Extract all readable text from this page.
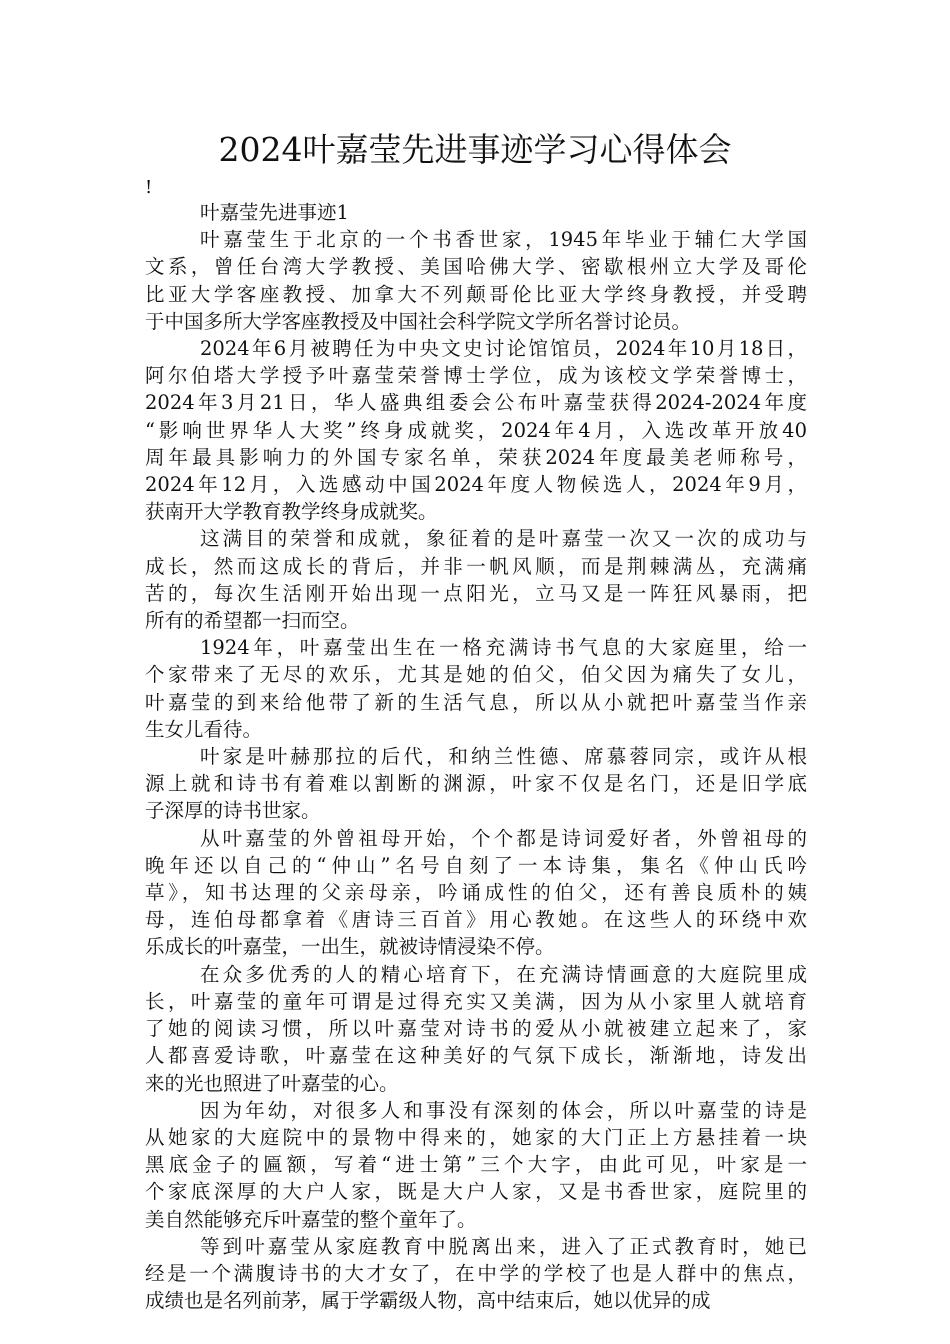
2024叶嘉莹先进事迹学习心得体会
!
叶嘉莹先进事迹1
叶嘉莹生于北京的一个书香世家，1945年毕业于辅仁大学国
文系，曾任台湾大学教授、美国哈佛大学、密歇根州立大学及哥伦
比亚大学客座教授、加拿大不列颠哥伦比亚大学终身教授，并受聘
于中国多所大学客座教授及中国社会科学院文学所名誉讨论员。
2024年6月被聘任为中央文史讨论馆馆员，2024年10月18日，
阿尔伯塔大学授予叶嘉莹荣誉博士学位，成为该校文学荣誉博士，
2024年3月21日，华人盛典组委会公布叶嘉莹获得2024-2024年度
“影响世界华人大奖”终身成就奖，2024年4月，入选改革开放40
周年最具影响力的外国专家名单，荣获2024年度最美老师称号，
2024年12月，入选感动中国2024年度人物候选人，2024年9月，
获南开大学教育教学终身成就奖。
这满目的荣誉和成就，象征着的是叶嘉莹一次又一次的成功与
成长，然而这成长的背后，并非一帆风顺，而是荆棘满丛，充满痛
苦的，每次生活刚开始出现一点阳光，立马又是一阵狂风暴雨，把
所有的希望都一扫而空。
1924年，叶嘉莹出生在一格充满诗书气息的大家庭里，给一
个家带来了无尽的欢乐，尤其是她的伯父，伯父因为痛失了女儿，
叶嘉莹的到来给他带了新的生活气息，所以从小就把叶嘉莹当作亲
生女儿看待。
叶家是叶赫那拉的后代，和纳兰性德、席慕蓉同宗，或许从根
源上就和诗书有着难以割断的渊源，叶家不仅是名门，还是旧学底
子深厚的诗书世家。
从叶嘉莹的外曾祖母开始，个个都是诗词爱好者，外曾祖母的
晚年还以自己的“仲山”名号自刻了一本诗集，集名《仲山氏吟
草》，知书达理的父亲母亲，吟诵成性的伯父，还有善良质朴的姨
母，连伯母都拿着《唐诗三百首》用心教她。在这些人的环绕中欢
乐成长的叶嘉莹，一出生，就被诗情浸染不停。
在众多优秀的人的精心培育下，在充满诗情画意的大庭院里成
长，叶嘉莹的童年可谓是过得充实又美满，因为从小家里人就培育
了她的阅读习惯，所以叶嘉莹对诗书的爱从小就被建立起来了，家
人都喜爱诗歌，叶嘉莹在这种美好的气氛下成长，渐渐地，诗发出
来的光也照进了叶嘉莹的心。
因为年幼，对很多人和事没有深刻的体会，所以叶嘉莹的诗是
从她家的大庭院中的景物中得来的，她家的大门正上方悬挂着一块
黑底金子的匾额，写着“进士第”三个大字，由此可见，叶家是一
个家底深厚的大户人家，既是大户人家，又是书香世家，庭院里的
美自然能够充斥叶嘉莹的整个童年了。
等到叶嘉莹从家庭教育中脱离出来，进入了正式教育时，她已
经是一个满腹诗书的大才女了，在中学的学校了也是人群中的焦点，
成绩也是名列前茅，属于学霸级人物，高中结束后，她以优异的成
